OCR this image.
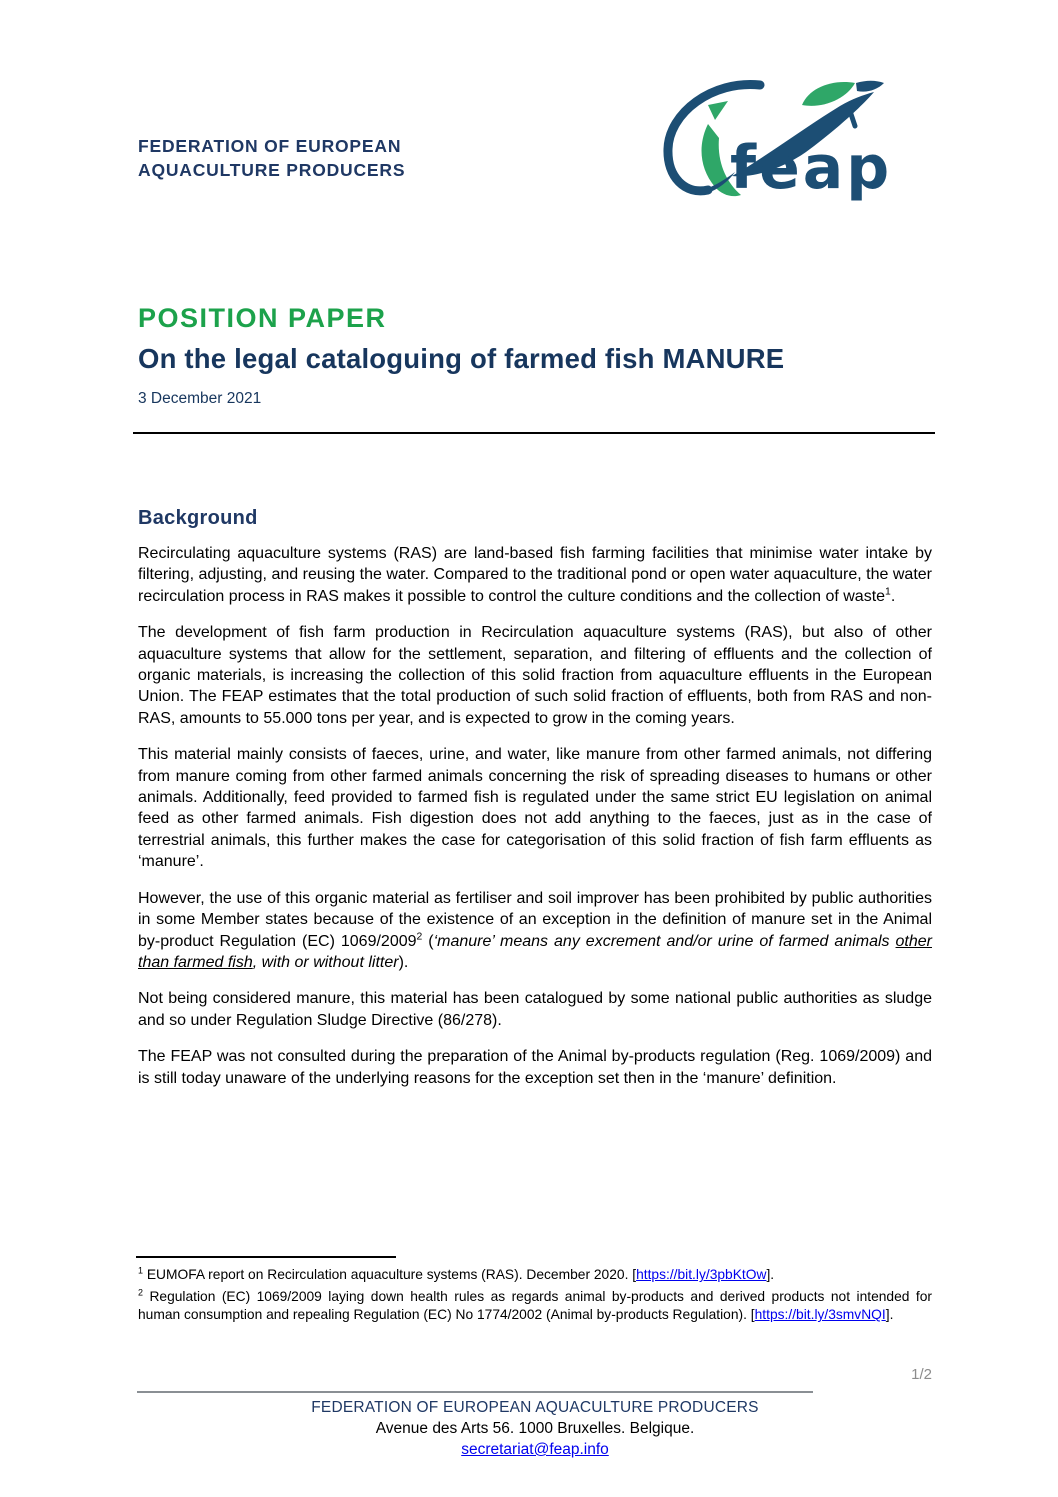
FEDERATION OF EUROPEAN
AQUACULTURE PRODUCERS	feap
POSITION PAPER
On the legal cataloguing of farmed fish MANURE
3 December 2021
Background

Recirculating aquaculture systems (RAS) are land-based fish farming facilities that minimise water intake by filtering, adjusting, and reusing the water. Compared to the traditional pond or open water aquaculture, the water recirculation process in RAS makes it possible to control the culture conditions and the collection of waste$^1$.

The development of fish farm production in Recirculation aquaculture systems (RAS), but also of other aquaculture systems that allow for the settlement, separation, and filtering of effluents and the collection of organic materials, is increasing the collection of this solid fraction from aquaculture effluents in the European Union. The FEAP estimates that the total production of such solid fraction of effluents, both from RAS and non-RAS, amounts to 55.000 tons per year, and is expected to grow in the coming years.

This material mainly consists of faeces, urine, and water, like manure from other farmed animals, not differing from manure coming from other farmed animals concerning the risk of spreading diseases to humans or other animals. Additionally, feed provided to farmed fish is regulated under the same strict EU legislation on animal feed as other farmed animals. Fish digestion does not add anything to the faeces, just as in the case of terrestrial animals, this further makes the case for categorisation of this solid fraction of fish farm effluents as ‘manure’.

However, the use of this organic material as fertiliser and soil improver has been prohibited by public authorities in some Member states because of the existence of an exception in the definition of manure set in the Animal by-product Regulation (EC) 1069/2009$^2$ (‘manure’ means any excrement and/or urine of farmed animals other than farmed fish, with or without litter).

Not being considered manure, this material has been catalogued by some national public authorities as sludge and so under Regulation Sludge Directive (86/278).

The FEAP was not consulted during the preparation of the Animal by-products regulation (Reg. 1069/2009) and is still today unaware of the underlying reasons for the exception set then in the ‘manure’ definition.

$^1$ EUMOFA report on Recirculation aquaculture systems (RAS). December 2020. [https://bit.ly/3pbKtOw].

$^2$ Regulation (EC) 1069/2009 laying down health rules as regards animal by-products and derived products not intended for human consumption and repealing Regulation (EC) No 1774/2002 (Animal by-products Regulation). [https://bit.ly/3smvNQI].

1/2
FEDERATION OF EUROPEAN AQUACULTURE PRODUCERS
Avenue des Arts 56. 1000 Bruxelles. Belgique.
secretariat@feap.info
